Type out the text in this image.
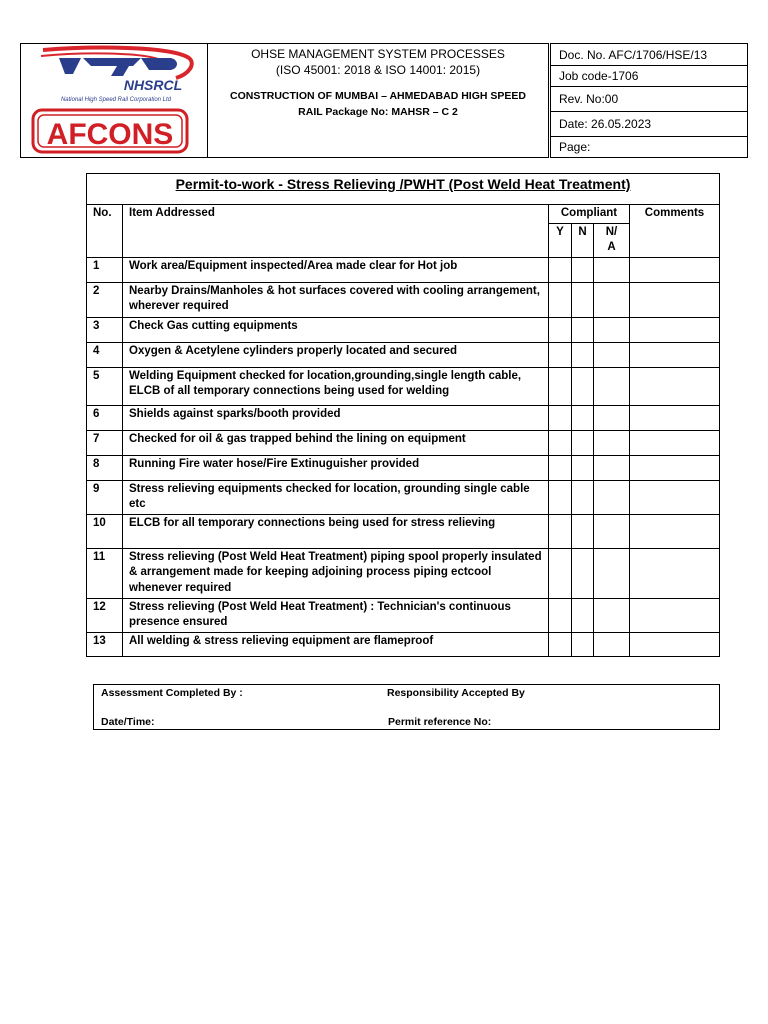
NHSRCL
National High Speed Rail Corporation Ltd
AFCONS

OHSE MANAGEMENT SYSTEM PROCESSES
(ISO 45001: 2018 & ISO 14001: 2015)
CONSTRUCTION OF MUMBAI – AHMEDABAD HIGH SPEED
RAIL Package No: MAHSR – C 2
Doc. No. AFC/1706/HSE/13
Job code-1706
Rev. No:00
Date: 26.05.2023
Page:
Permit-to-work - Stress Relieving /PWHT (Post Weld Heat Treatment)					
No.	Item Addressed	Compliant			Comments
		Y	N	N/
A	
1	Work area/Equipment inspected/Area made clear for Hot job				
2	Nearby Drains/Manholes & hot surfaces covered with cooling arrangement, wherever required				
3	Check Gas cutting equipments				
4	Oxygen & Acetylene cylinders properly located and secured				
5	Welding Equipment checked for location,grounding,single length cable, ELCB of all temporary connections being used for welding				

6	Shields against sparks/booth provided				
7	Checked for oil & gas trapped behind the lining on equipment				
8	Running Fire water hose/Fire Extinuguisher provided				
9	Stress relieving equipments checked for location, grounding single cable etc				

10	ELCB for all temporary connections being used for stress relieving				

11	Stress relieving (Post Weld Heat Treatment) piping spool properly insulated & arrangement made for keeping adjoining process piping ectcool whenever required				
12	Stress relieving (Post Weld Heat Treatment) : Technician's continuous presence ensured				
13	All welding & stress relieving equipment are flameproof				
Assessment Completed By :	Responsibility Accepted By
Date/Time:	Permit reference No:
